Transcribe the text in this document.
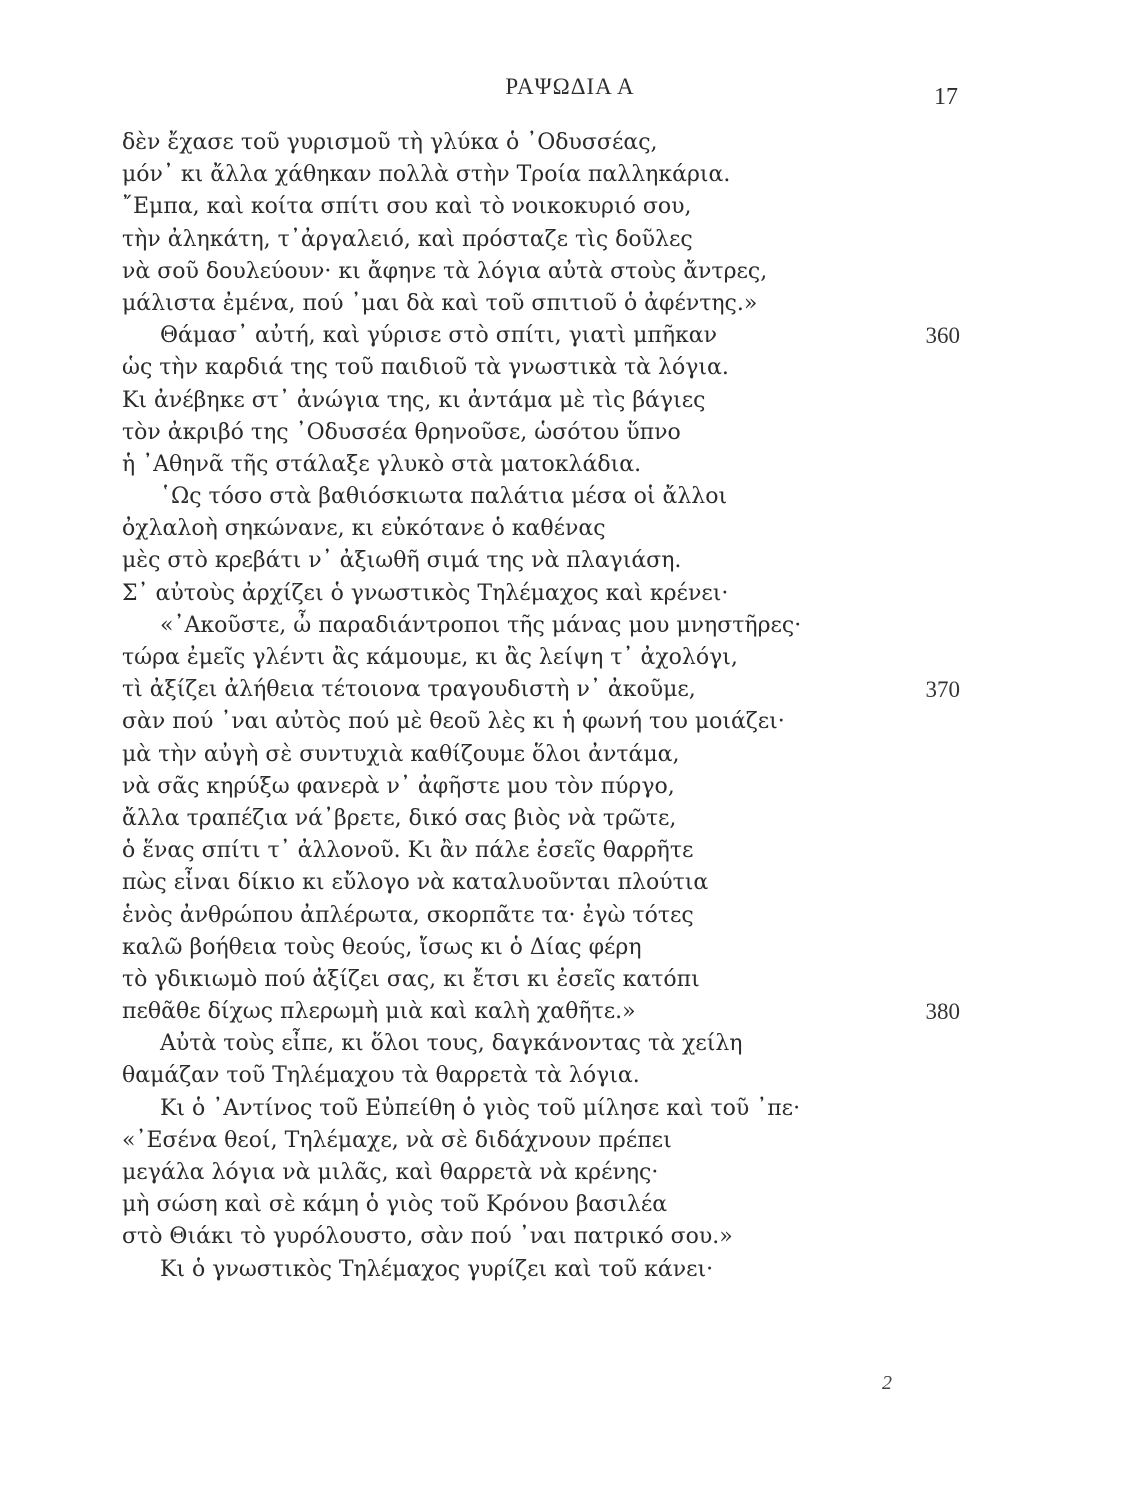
ΡΑΨΩΔΙΑ Α	17
δὲν ἔχασε τοῦ γυρισμοῦ τὴ γλύκα ὁ ᾽Οδυσσέας,
μόν᾽ κι ἄλλα χάθηκαν πολλὰ στὴν Τροία παλληκάρια.
῎Εμπα, καὶ κοίτα σπίτι σου καὶ τὸ νοικοκυριό σου,
τὴν ἀληκάτη, τ᾽ἀργαλειό, καὶ πρόσταζε τὶς δοῦλες
νὰ σοῦ δουλεύουν· κι ἄφηνε τὰ λόγια αὐτὰ στοὺς ἄντρες,
μάλιστα ἐμένα, πού ᾽μαι δὰ καὶ τοῦ σπιτιοῦ ὁ ἀφέντης.»
Θάμασ᾽ αὐτή, καὶ γύρισε στὸ σπίτι, γιατὶ μπῆκαν	360
ὡς τὴν καρδιά της τοῦ παιδιοῦ τὰ γνωστικὰ τὰ λόγια.
Κι ἀνέβηκε στ᾽ ἀνώγια της, κι ἀντάμα μὲ τὶς βάγιες
τὸν ἀκριβό της ᾽Οδυσσέα θρηνοῦσε, ὡσότου ὕπνο
ἡ ᾽Αθηνᾶ τῆς στάλαξε γλυκὸ στὰ ματοκλάδια.
῾Ως τόσο στὰ βαθιόσκιωτα παλάτια μέσα οἱ ἄλλοι
ὀχλαλοὴ σηκώνανε, κι εὐκότανε ὁ καθένας
μὲς στὸ κρεβάτι ν᾽ ἀξιωθῆ σιμά της νὰ πλαγιάση.
Σ᾽ αὐτοὺς ἀρχίζει ὁ γνωστικὸς Τηλέμαχος καὶ κρένει·
«᾽Ακοῦστε, ὦ παραδιάντροποι τῆς μάνας μου μνηστῆρες·
τώρα ἐμεῖς γλέντι ἂς κάμουμε, κι ἂς λείψη τ᾽ ἀχολόγι,
τὶ ἀξίζει ἀλήθεια τέτοιονα τραγουδιστὴ ν᾽ ἀκοῦμε,	370
σὰν πού ᾽ναι αὐτὸς πού μὲ θεοῦ λὲς κι ἡ φωνή του μοιάζει·
μὰ τὴν αὐγὴ σὲ συντυχιὰ καθίζουμε ὅλοι ἀντάμα,
νὰ σᾶς κηρύξω φανερὰ ν᾽ ἀφῆστε μου τὸν πύργο,
ἄλλα τραπέζια νά᾽βρετε, δικό σας βιὸς νὰ τρῶτε,
ὁ ἕνας σπίτι τ᾽ ἀλλονοῦ. Κι ἂν πάλε ἐσεῖς θαρρῆτε
πὼς εἶναι δίκιο κι εὔλογο νὰ καταλυοῦνται πλούτια
ἑνὸς ἀνθρώπου ἀπλέρωτα, σκορπᾶτε τα· ἐγὼ τότες
καλῶ βοήθεια τοὺς θεούς, ἴσως κι ὁ Δίας φέρη
τὸ γδικιωμὸ πού ἀξίζει σας, κι ἔτσι κι ἐσεῖς κατόπι
πεθᾶθε δίχως πλερωμὴ μιὰ καὶ καλὴ χαθῆτε.»	380
Αὐτὰ τοὺς εἶπε, κι ὅλοι τους, δαγκάνοντας τὰ χείλη
θαμάζαν τοῦ Τηλέμαχου τὰ θαρρετὰ τὰ λόγια.
Κι ὁ ᾽Αντίνος τοῦ Εὐπείθη ὁ γιὸς τοῦ μίλησε καὶ τοῦ ᾽πε·
«᾽Εσένα θεοί, Τηλέμαχε, νὰ σὲ διδάχνουν πρέπει
μεγάλα λόγια νὰ μιλᾶς, καὶ θαρρετὰ νὰ κρένης·
μὴ σώση καὶ σὲ κάμη ὁ γιὸς τοῦ Κρόνου βασιλέα
στὸ Θιάκι τὸ γυρόλουστο, σὰν πού ᾽ναι πατρικό σου.»
Κι ὁ γνωστικὸς Τηλέμαχος γυρίζει καὶ τοῦ κάνει·
2
